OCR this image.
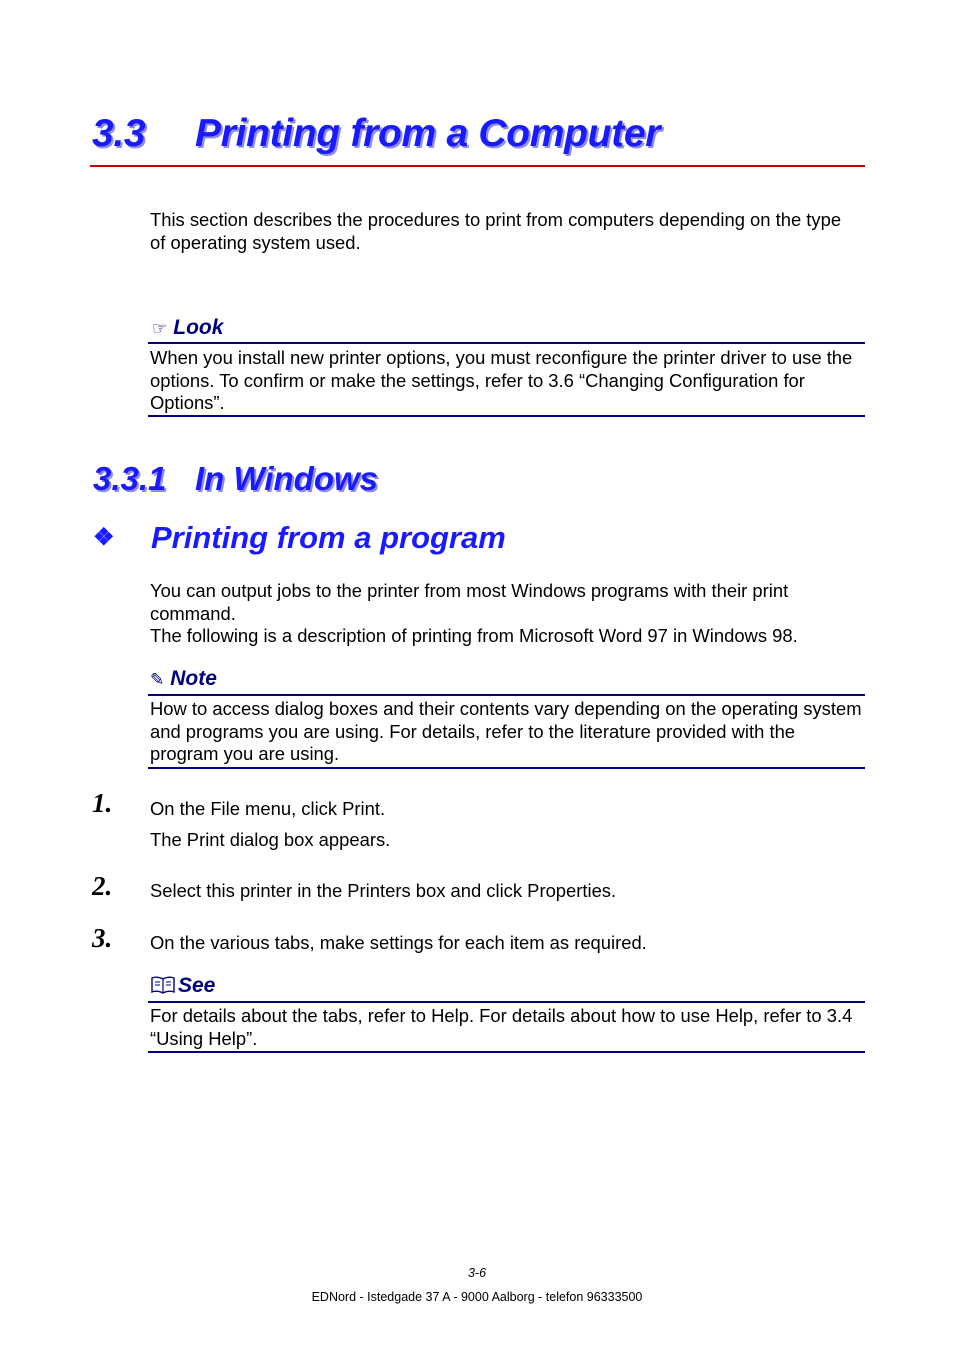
3.3 Printing from a Computer
This section describes the procedures to print from computers depending on the type of operating system used.
☞ Look
When you install new printer options, you must reconfigure the printer driver to use the options. To confirm or make the settings, refer to 3.6 “Changing Configuration for Options”.
3.3.1 In Windows
❖ Printing from a program
You can output jobs to the printer from most Windows programs with their print command.
The following is a description of printing from Microsoft Word 97 in Windows 98.
✎ Note
How to access dialog boxes and their contents vary depending on the operating system and programs you are using. For details, refer to the literature provided with the program you are using.
1. On the File menu, click Print.
The Print dialog box appears.
2. Select this printer in the Printers box and click Properties.
3. On the various tabs, make settings for each item as required.
See
For details about the tabs, refer to Help. For details about how to use Help, refer to 3.4 “Using Help”.
3-6
EDNord - Istedgade 37 A - 9000 Aalborg - telefon 96333500
